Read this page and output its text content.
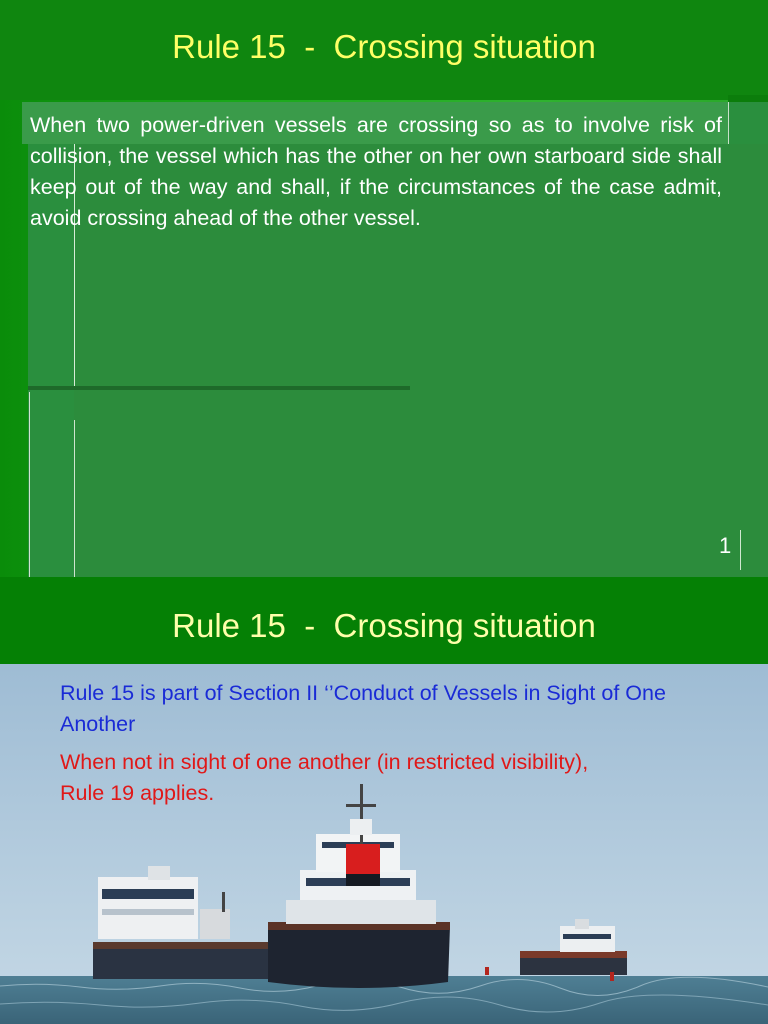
Rule 15  -  Crossing situation
When two power-driven vessels are crossing so as to involve risk of collision, the vessel which has the other on her own starboard side shall keep out of the way and shall, if the circumstances of the case admit, avoid crossing ahead of the other vessel.
1
Rule 15  -  Crossing situation
Rule 15 is part of Section II ‘’Conduct of Vessels in Sight of One Another
When not in sight of one another (in restricted visibility), Rule 19 applies.
